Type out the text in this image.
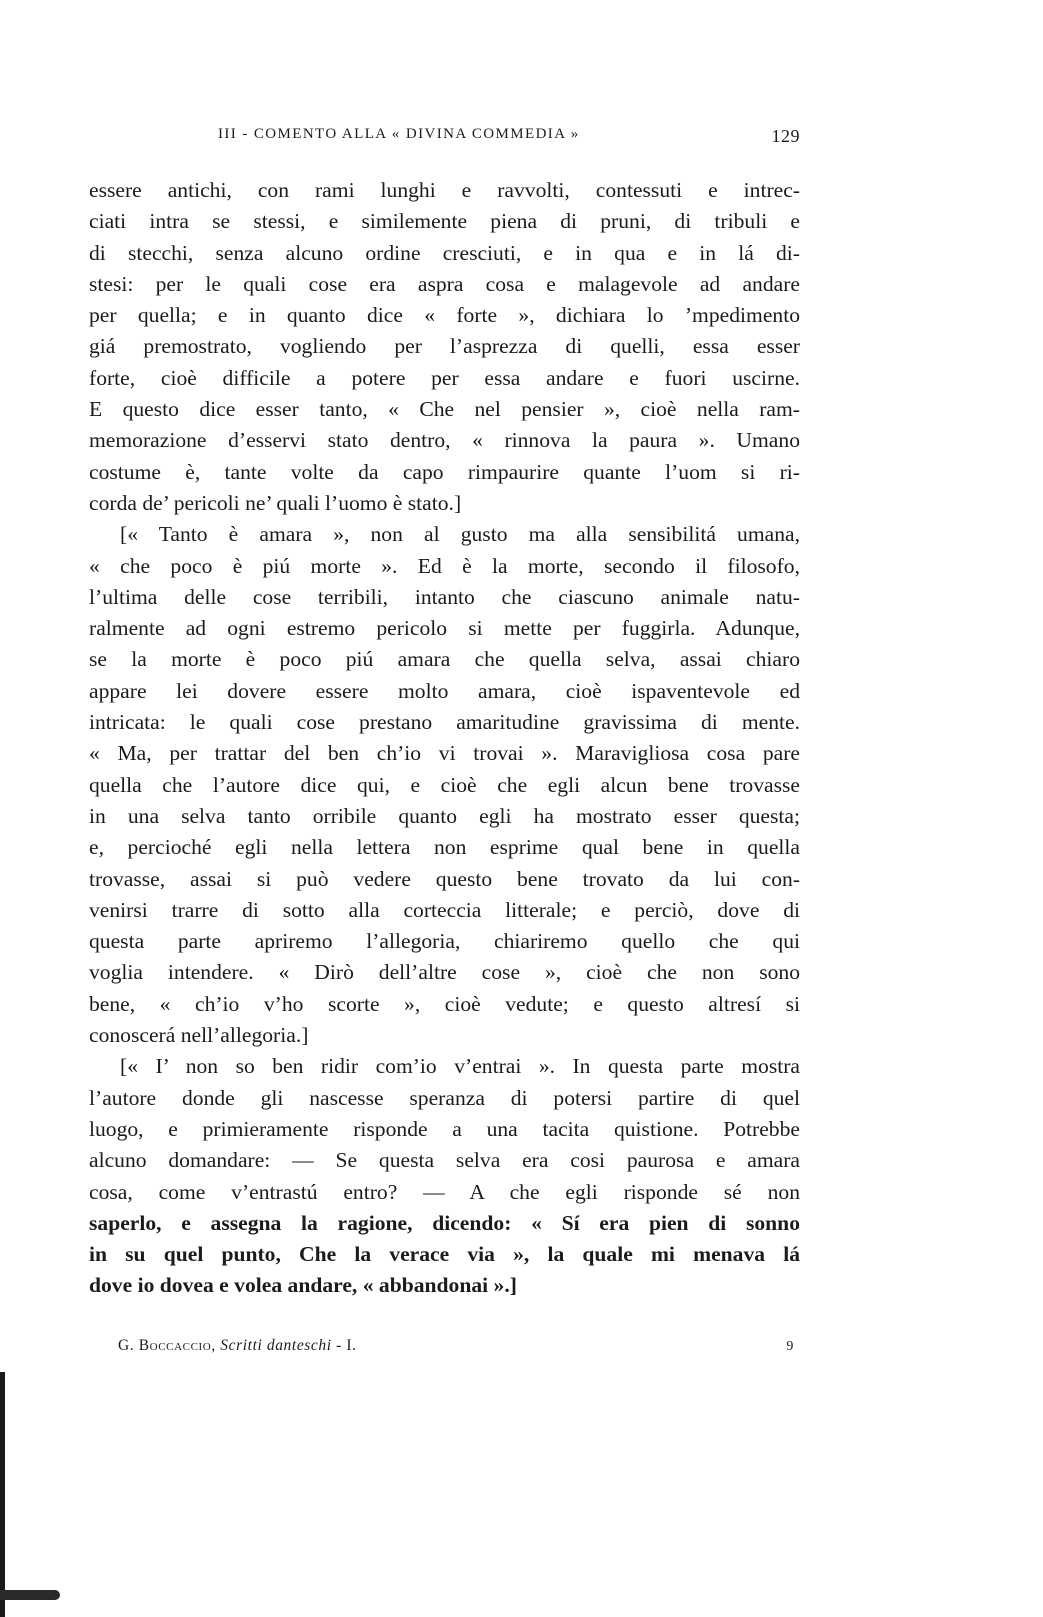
III - COMENTO ALLA « DIVINA COMMEDIA »	129
essere antichi, con rami lunghi e ravvolti, contessuti e intrec-
ciati intra se stessi, e similemente piena di pruni, di tribuli e
di stecchi, senza alcuno ordine cresciuti, e in qua e in lá di-
stesi: per le quali cose era aspra cosa e malagevole ad andare
per quella; e in quanto dice « forte », dichiara lo ’mpedimento
giá premostrato, vogliendo per l’asprezza di quelli, essa esser
forte, cioè difficile a potere per essa andare e fuori uscirne.
E questo dice esser tanto, « Che nel pensier », cioè nella ram-
memorazione d’esservi stato dentro, « rinnova la paura ». Umano
costume è, tante volte da capo rimpaurire quante l’uom si ri-
corda de’ pericoli ne’ quali l’uomo è stato.]
[« Tanto è amara », non al gusto ma alla sensibilitá umana,
« che poco è piú morte ». Ed è la morte, secondo il filosofo,
l’ultima delle cose terribili, intanto che ciascuno animale natu-
ralmente ad ogni estremo pericolo si mette per fuggirla. Adunque,
se la morte è poco piú amara che quella selva, assai chiaro
appare lei dovere essere molto amara, cioè ispaventevole ed
intricata: le quali cose prestano amaritudine gravissima di mente.
« Ma, per trattar del ben ch’io vi trovai ». Maravigliosa cosa pare
quella che l’autore dice qui, e cioè che egli alcun bene trovasse
in una selva tanto orribile quanto egli ha mostrato esser questa;
e, percioché egli nella lettera non esprime qual bene in quella
trovasse, assai si può vedere questo bene trovato da lui con-
venirsi trarre di sotto alla corteccia litterale; e perciò, dove di
questa parte apriremo l’allegoria, chiariremo quello che qui
voglia intendere. « Dirò dell’altre cose », cioè che non sono
bene, « ch’io v’ho scorte », cioè vedute; e questo altresí si
conoscerá nell’allegoria.]
[« I’ non so ben ridir com’io v’entrai ». In questa parte mostra
l’autore donde gli nascesse speranza di potersi partire di quel
luogo, e primieramente risponde a una tacita quistione. Potrebbe
alcuno domandare: — Se questa selva era cosi paurosa e amara
cosa, come v’entrastú entro? — A che egli risponde sé non
saperlo, e assegna la ragione, dicendo: « Sí era pien di sonno
in su quel punto, Che la verace via », la quale mi menava lá
dove io dovea e volea andare, « abbandonai ».]
G. Boccaccio, Scritti danteschi - I.	9
